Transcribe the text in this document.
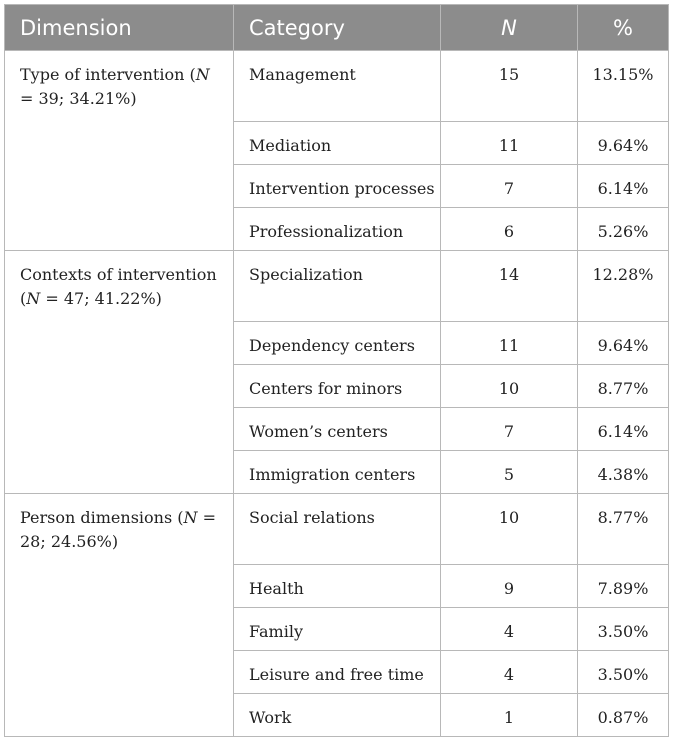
Dimension	Category	N	%
Type of intervention (N = 39; 34.21%)	Management	15	13.15%
	Mediation	11	9.64%
	Intervention processes	7	6.14%
	Professionalization	6	5.26%
Contexts of intervention (N = 47; 41.22%)	Specialization	14	12.28%
	Dependency centers	11	9.64%
	Centers for minors	10	8.77%
	Women’s centers	7	6.14%
	Immigration centers	5	4.38%
Person dimensions (N = 28; 24.56%)	Social relations	10	8.77%
	Health	9	7.89%
	Family	4	3.50%
	Leisure and free time	4	3.50%
	Work	1	0.87%
